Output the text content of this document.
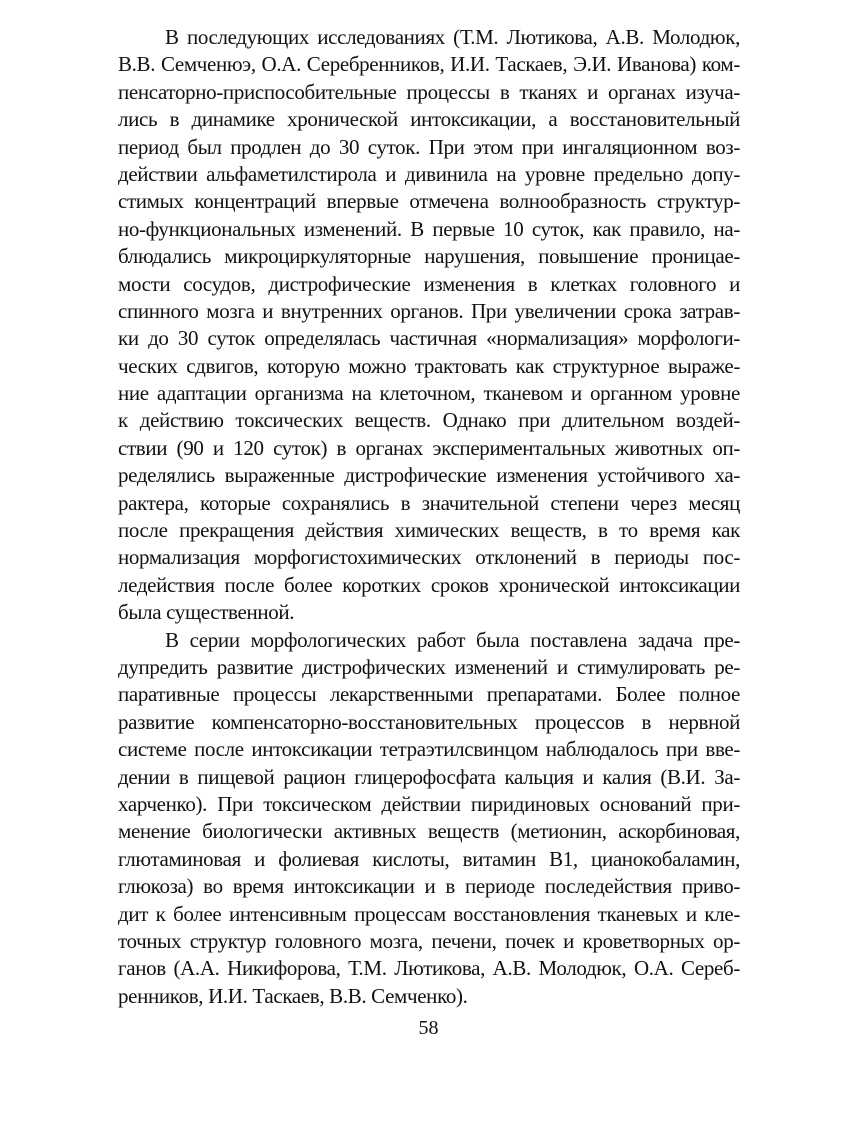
В последующих исследованиях (Т.М. Лютикова, А.В. Молодюк,
В.В. Семченюэ, О.А. Серебренников, И.И. Таскаев, Э.И. Иванова) ком-
пенсаторно-приспособительные процессы в тканях и органах изуча-
лись в динамике хронической интоксикации, а восстановительный
период был продлен до 30 суток. При этом при ингаляционном воз-
действии альфаметилстирола и дивинила на уровне предельно допу-
стимых концентраций впервые отмечена волнообразность структур-
но-функциональных изменений. В первые 10 суток, как правило, на-
блюдались микроциркуляторные нарушения, повышение проницае-
мости сосудов, дистрофические изменения в клетках головного и
спинного мозга и внутренних органов. При увеличении срока затрав-
ки до 30 суток определялась частичная «нормализация» морфологи-
ческих сдвигов, которую можно трактовать как структурное выраже-
ние адаптации организма на клеточном, тканевом и органном уровне
к действию токсических веществ. Однако при длительном воздей-
ствии (90 и 120 суток) в органах экспериментальных животных оп-
ределялись выраженные дистрофические изменения устойчивого ха-
рактера, которые сохранялись в значительной степени через месяц
после прекращения действия химических веществ, в то время как
нормализация морфогистохимических отклонений в периоды пос-
ледействия после более коротких сроков хронической интоксикации
была существенной.
В серии морфологических работ была поставлена задача пре-
дупредить развитие дистрофических изменений и стимулировать ре-
паративные процессы лекарственными препаратами. Более полное
развитие компенсаторно-восстановительных процессов в нервной
системе после интоксикации тетраэтилсвинцом наблюдалось при вве-
дении в пищевой рацион глицерофосфата кальция и калия (В.И. За-
харченко). При токсическом действии пиридиновых оснований при-
менение биологически активных веществ (метионин, аскорбиновая,
глютаминовая и фолиевая кислоты, витамин В1, цианокобаламин,
глюкоза) во время интоксикации и в периоде последействия приво-
дит к более интенсивным процессам восстановления тканевых и кле-
точных структур головного мозга, печени, почек и кроветворных ор-
ганов (А.А. Никифорова, Т.М. Лютикова, А.В. Молодюк, О.А. Сереб-
ренников, И.И. Таскаев, В.В. Семченко).
58
